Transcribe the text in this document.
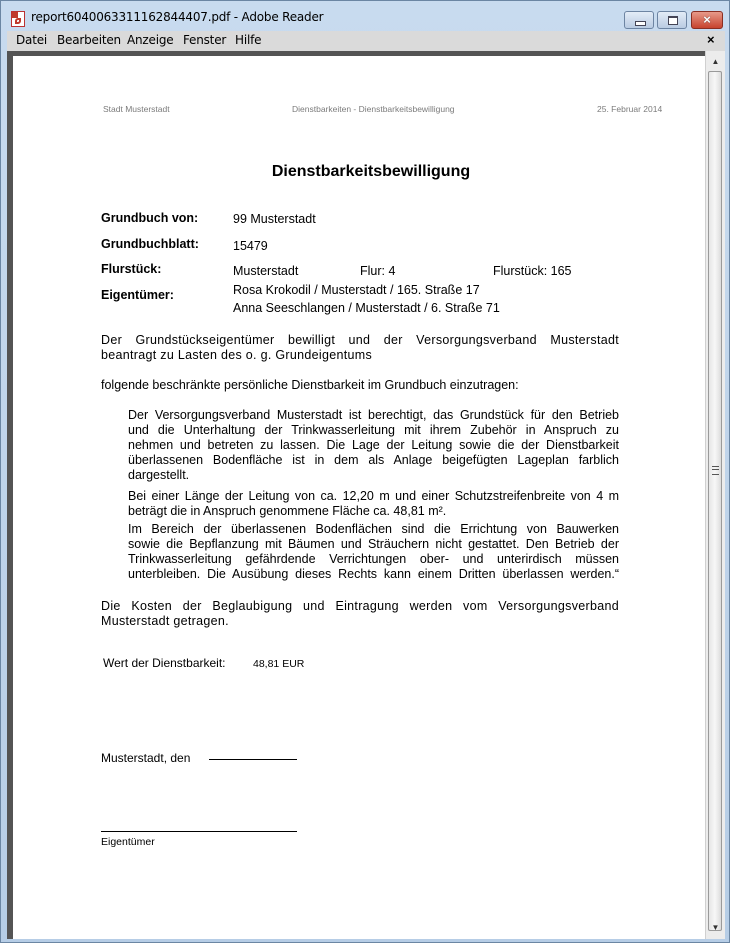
report6040063311162844407.pdf - Adobe Reader	×
Datei Bearbeiten Anzeige Fenster Hilfe	×
▲
▼
Stadt Musterstadt	Dienstbarkeiten - Dienstbarkeitsbewilligung	25. Februar 2014
Dienstbarkeitsbewilligung
Grundbuch von:	99 Musterstadt
Grundbuchblatt:	15479
Flurstück:	Musterstadt	Flur: 4	Flurstück: 165
Eigentümer:	Rosa Krokodil / Musterstadt / 165. Straße 17
Anna Seeschlangen / Musterstadt / 6. Straße 71
Der Grundstückseigentümer bewilligt und der Versorgungsverband Musterstadt
beantragt zu Lasten des o. g. Grundeigentums
folgende beschränkte persönliche Dienstbarkeit im Grundbuch einzutragen:
Der Versorgungsverband Musterstadt ist berechtigt, das Grundstück für den Betrieb
und die Unterhaltung der Trinkwasserleitung mit ihrem Zubehör in Anspruch zu
nehmen und betreten zu lassen. Die Lage der Leitung sowie die der Dienstbarkeit
überlassenen Bodenfläche ist in dem als Anlage beigefügten Lageplan farblich
dargestellt.
Bei einer Länge der Leitung von ca. 12,20 m und einer Schutzstreifenbreite von 4 m
beträgt die in Anspruch genommene Fläche ca. 48,81 m².
Im Bereich der überlassenen Bodenflächen sind die Errichtung von Bauwerken
sowie die Bepflanzung mit Bäumen und Sträuchern nicht gestattet. Den Betrieb der
Trinkwasserleitung gefährdende Verrichtungen ober- und unterirdisch müssen
unterbleiben. Die Ausübung dieses Rechts kann einem Dritten überlassen werden.“
Die Kosten der Beglaubigung und Eintragung werden vom Versorgungsverband
Musterstadt getragen.
Wert der Dienstbarkeit:	48,81 EUR
Musterstadt, den
Eigentümer
